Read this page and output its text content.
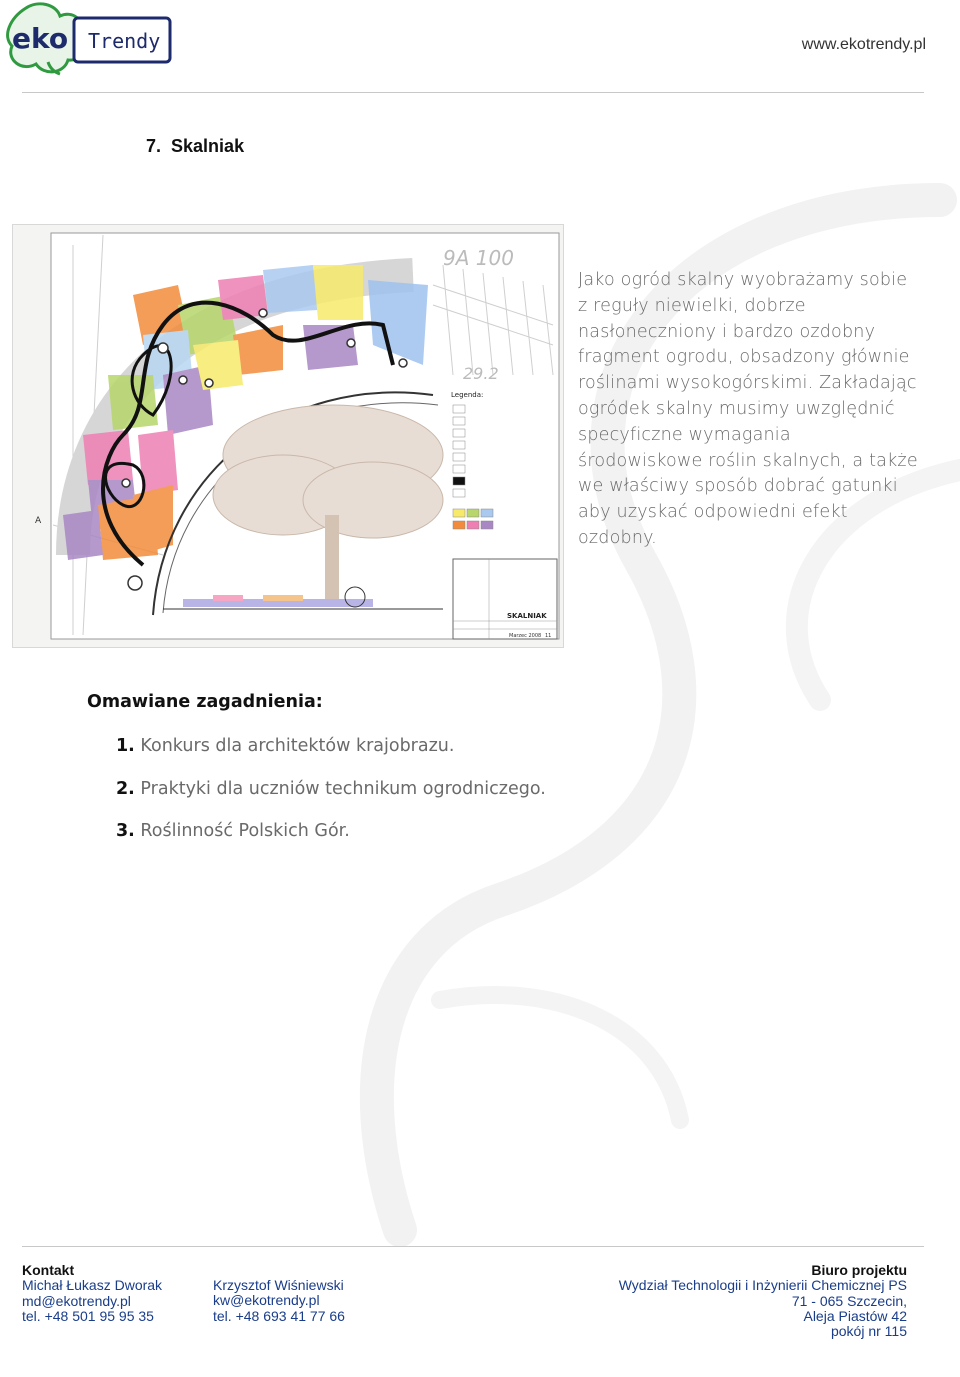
eko Trendy	www.ekotrendy.pl
7. Skalniak
9A 100
29.2
A
Legenda:
SKALNIAK
Marzec 2008 11
Jako ogród skalny wyobrażamy sobie z reguły niewielki, dobrze nasłoneczniony i bardzo ozdobny fragment ogrodu, obsadzony głównie roślinami wysokogórskimi. Zakładając ogródek skalny musimy uwzględnić specyficzne wymagania środowiskowe roślin skalnych, a także we właściwy sposób dobrać gatunki aby uzyskać odpowiedni efekt ozdobny.
Omawiane zagadnienia:
1. Konkurs dla architektów krajobrazu.
2. Praktyki dla uczniów technikum ogrodniczego.
3. Roślinność Polskich Gór.
Kontakt
Michał Łukasz Dworak
md@ekotrendy.pl
tel. +48 501 95 95 35
Krzysztof Wiśniewski
kw@ekotrendy.pl
tel. +48 693 41 77 66
Biuro projektu
Wydział Technologii i Inżynierii Chemicznej PS
71 - 065 Szczecin,
Aleja Piastów 42
pokój nr 115
